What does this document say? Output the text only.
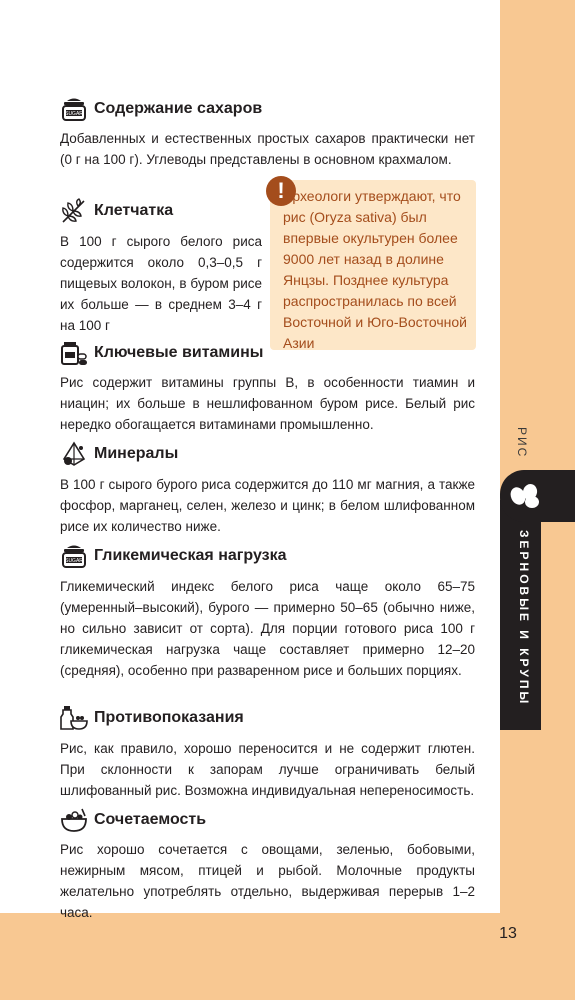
РИС
ЗЕРНОВЫЕ И КРУПЫ
13
SUGAR Содержание сахаров
Добавленных и естественных простых сахаров практически нет (0 г на 100 г). Углеводы представлены в основном крахмалом.
Клетчатка
В 100 г сырого белого риса содержится около 0,3–0,5 г пищевых волокон, в буром рисе их больше — в среднем 3–4 г на 100 г
!
Археологи утверждают, что рис (Oryza sativa) был впервые окультурен более 9000 лет назад в долине Янцзы. Позднее культура распространилась по всей Восточной и Юго-Восточной Азии
Ключевые витамины
Рис содержит витамины группы B, в особенности тиамин и ниацин; их больше в нешлифованном буром рисе. Белый рис нередко обогащается витаминами промышленно.
Минералы
В 100 г сырого бурого риса содержится до 110 мг магния, а также фосфор, марганец, селен, железо и цинк; в белом шлифованном рисе их количество ниже.
SUGAR Гликемическая нагрузка
Гликемический индекс белого риса чаще около 65–75 (умеренный–высокий), бурого — примерно 50–65 (обычно ниже, но сильно зависит от сорта). Для порции готового риса 100 г гликемическая нагрузка чаще составляет примерно 12–20 (средняя), особенно при разваренном рисе и больших порциях.
Противопоказания
Рис, как правило, хорошо переносится и не содержит глютен. При склонности к запорам лучше ограничивать белый шлифованный рис. Возможна индивидуальная непереносимость.
Сочетаемость
Рис хорошо сочетается с овощами, зеленью, бобовыми, нежирным мясом, птицей и рыбой. Молочные продукты желательно употреблять отдельно, выдерживая перерыв 1–2 часа.
